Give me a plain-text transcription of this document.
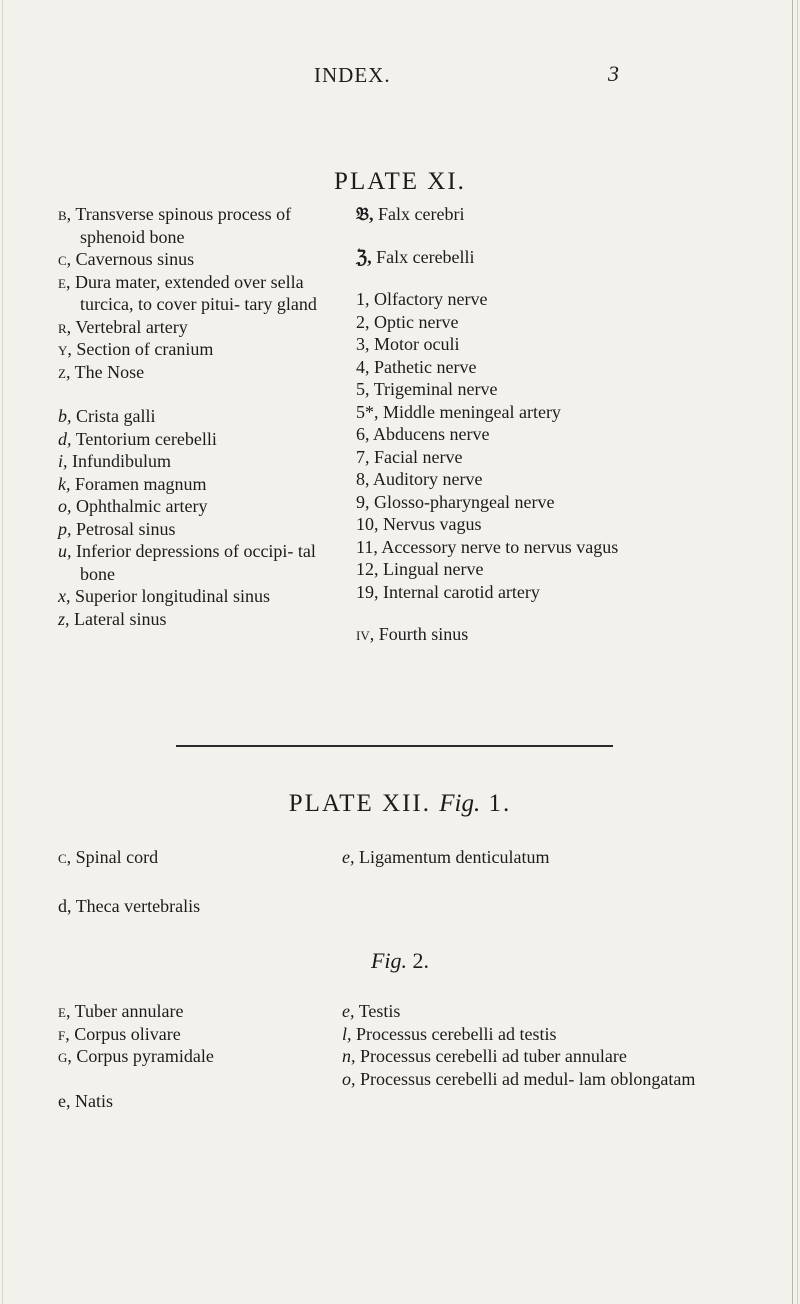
INDEX.	3
PLATE XI.
b, Transverse spinous process of sphenoid bone
c, Cavernous sinus
e, Dura mater, extended over sella turcica, to cover pitui- tary gland
r, Vertebral artery
y, Section of cranium
z, The Nose
b, Crista galli
d, Tentorium cerebelli
i, Infundibulum
k, Foramen magnum
o, Ophthalmic artery
p, Petrosal sinus
u, Inferior depressions of occipi- tal bone
x, Superior longitudinal sinus
z, Lateral sinus
𝔅, Falx cerebri
ℨ, Falx cerebelli
1, Olfactory nerve
2, Optic nerve
3, Motor oculi
4, Pathetic nerve
5, Trigeminal nerve
5*, Middle meningeal artery
6, Abducens nerve
7, Facial nerve
8, Auditory nerve
9, Glosso-pharyngeal nerve
10, Nervus vagus
11, Accessory nerve to nervus vagus
12, Lingual nerve
19, Internal carotid artery
iv, Fourth sinus
PLATE XII. Fig. 1.
c, Spinal cord
d, Theca vertebralis
e, Ligamentum denticulatum
Fig. 2.
e, Tuber annulare
f, Corpus olivare
g, Corpus pyramidale
e, Natis
e, Testis
l, Processus cerebelli ad testis
n, Processus cerebelli ad tuber annulare
o, Processus cerebelli ad medul- lam oblongatam
